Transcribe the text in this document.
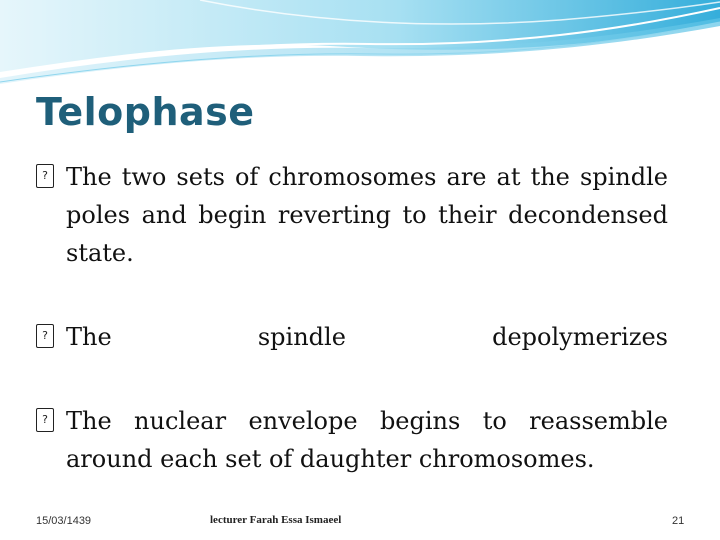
Telophase

? The two sets of chromosomes are at the spindle poles and begin reverting to their decondensed state.

? The spindle depolymerizes

? The nuclear envelope begins to reassemble around each set of daughter chromosomes.

15/03/1439	lecturer Farah Essa Ismaeel	21
